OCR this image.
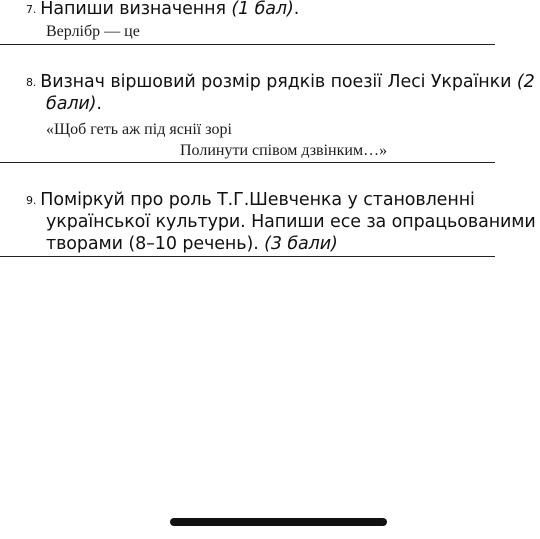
7. Напиши визначення (1 бал).
Верлібр — це
8. Визнач віршовий розмір рядків поезії Лесі Українки (2
бали).
«Щоб геть аж під яснії зорі
Полинути співом дзвінким…»
9. Поміркуй про роль Т.Г.Шевченка у становленні
української культури. Напиши есе за опрацьованими
творами (8–10 речень). (3 бали)
